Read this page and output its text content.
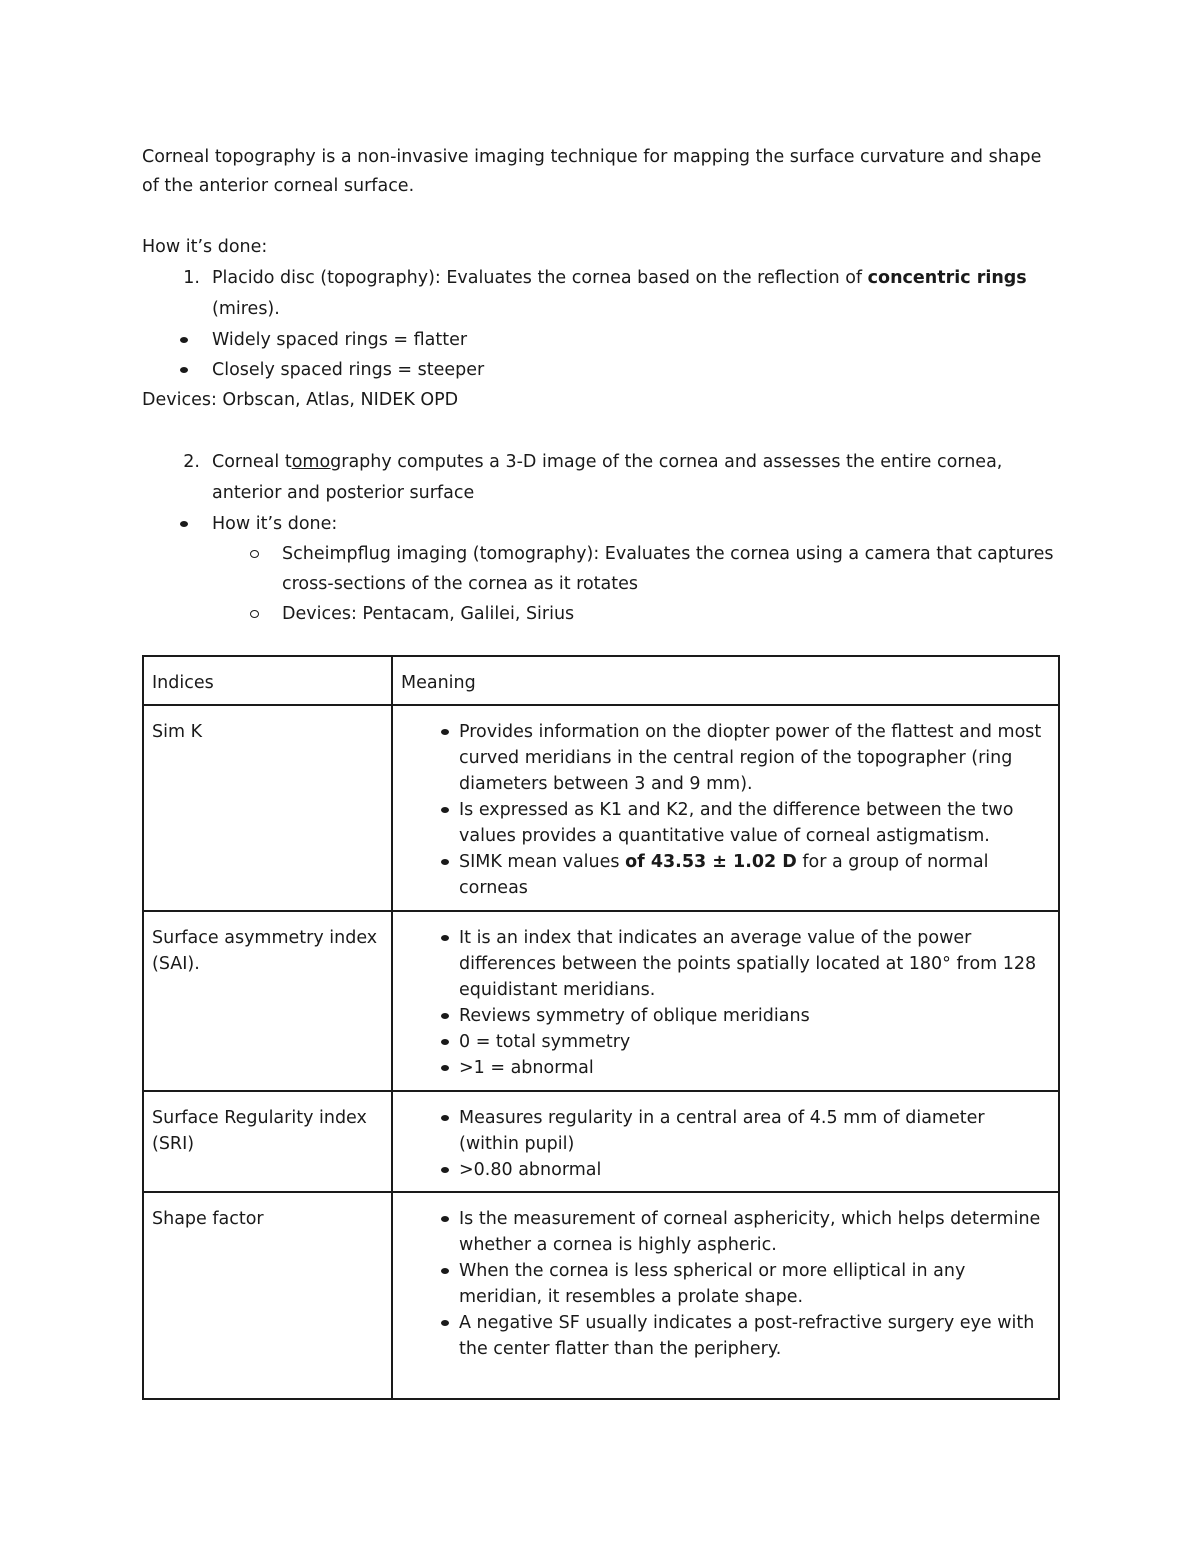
Corneal topography is a non-invasive imaging technique for mapping the surface curvature and shape of the anterior corneal surface.

How it’s done:

1. Placido disc (topography): Evaluates the cornea based on the reflection of concentric rings (mires).
Widely spaced rings = flatter
Closely spaced rings = steeper

Devices: Orbscan, Atlas, NIDEK OPD

2. Corneal tomography computes a 3-D image of the cornea and assesses the entire cornea, anterior and posterior surface
How it’s done:
Scheimpflug imaging (tomography): Evaluates the cornea using a camera that captures cross-sections of the cornea as it rotates
Devices: Pentacam, Galilei, Sirius
Indices	Meaning
Sim K	Provides information on the diopter power of the flattest and most curved meridians in the central region of the topographer (ring diameters between 3 and 9 mm).
Is expressed as K1 and K2, and the difference between the two values provides a quantitative value of corneal astigmatism.
SIMK mean values of 43.53 ± 1.02 D for a group of normal corneas

Surface asymmetry index (SAI).	It is an index that indicates an average value of the power differences between the points spatially located at 180° from 128 equidistant meridians.
Reviews symmetry of oblique meridians
0 = total symmetry
>1 = abnormal

Surface Regularity index (SRI)	Measures regularity in a central area of 4.5 mm of diameter (within pupil)
>0.80 abnormal

Shape factor	Is the measurement of corneal asphericity, which helps determine whether a cornea is highly aspheric.
When the cornea is less spherical or more elliptical in any meridian, it resembles a prolate shape.
A negative SF usually indicates a post-refractive surgery eye with the center flatter than the periphery.
